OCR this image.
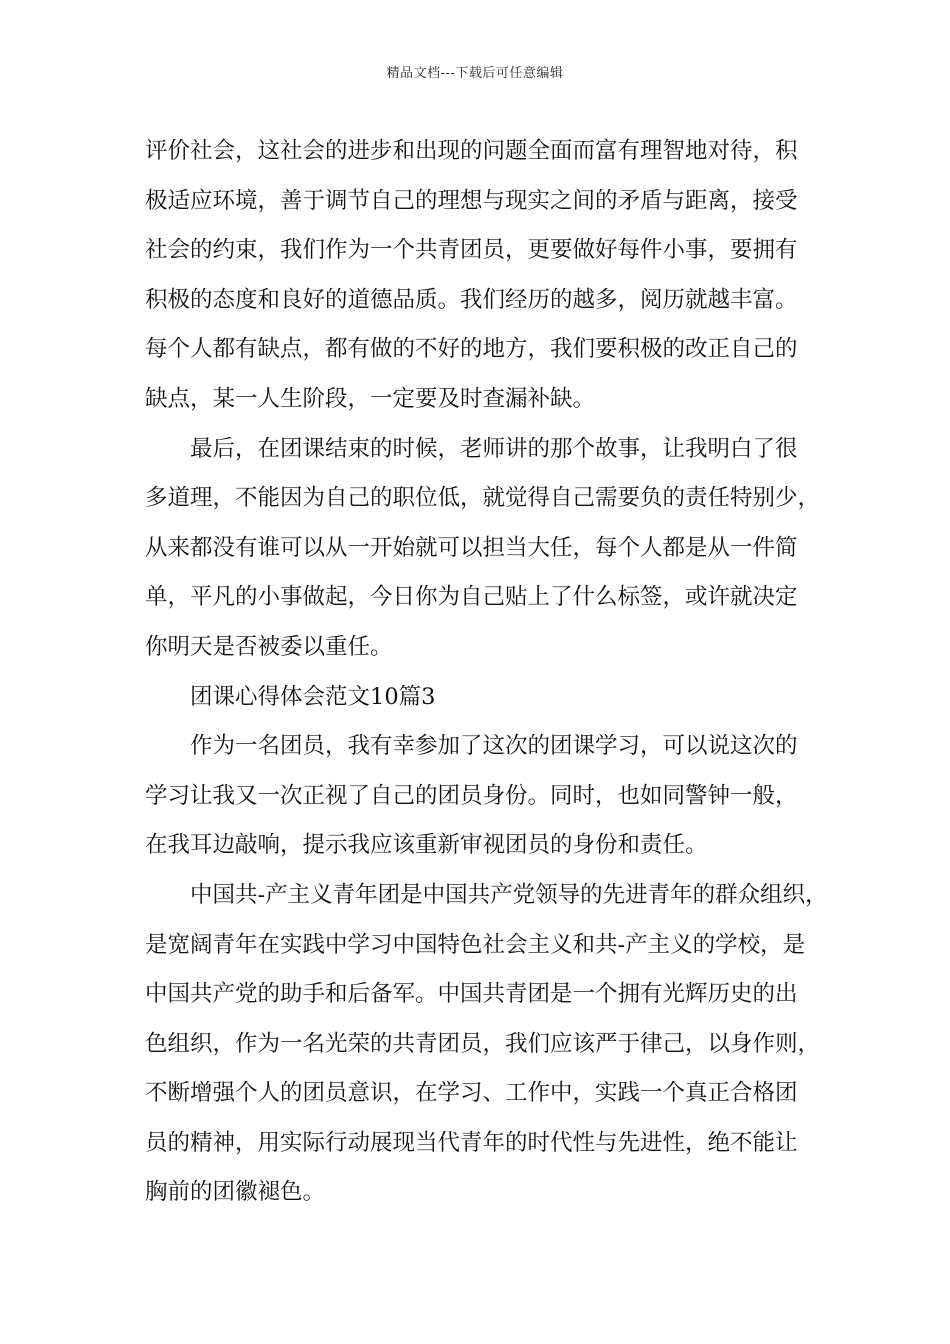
精品文档---下载后可任意编辑
评价社会，这社会的进步和出现的问题全面而富有理智地对待，积
极适应环境，善于调节自己的理想与现实之间的矛盾与距离，接受
社会的约束，我们作为一个共青团员，更要做好每件小事，要拥有
积极的态度和良好的道德品质。我们经历的越多，阅历就越丰富。
每个人都有缺点，都有做的不好的地方，我们要积极的改正自己的
缺点，某一人生阶段，一定要及时查漏补缺。
最后，在团课结束的时候，老师讲的那个故事，让我明白了很
多道理，不能因为自己的职位低，就觉得自己需要负的责任特别少，
从来都没有谁可以从一开始就可以担当大任，每个人都是从一件简
单，平凡的小事做起，今日你为自己贴上了什么标签，或许就决定
你明天是否被委以重任。
团课心得体会范文10篇3
作为一名团员，我有幸参加了这次的团课学习，可以说这次的
学习让我又一次正视了自己的团员身份。同时，也如同警钟一般，
在我耳边敲响，提示我应该重新审视团员的身份和责任。
中国共-产主义青年团是中国共产党领导的先进青年的群众组织，
是宽阔青年在实践中学习中国特色社会主义和共-产主义的学校，是
中国共产党的助手和后备军。中国共青团是一个拥有光辉历史的出
色组织，作为一名光荣的共青团员，我们应该严于律己，以身作则，
不断增强个人的团员意识，在学习、工作中，实践一个真正合格团
员的精神，用实际行动展现当代青年的时代性与先进性，绝不能让
胸前的团徽褪色。
